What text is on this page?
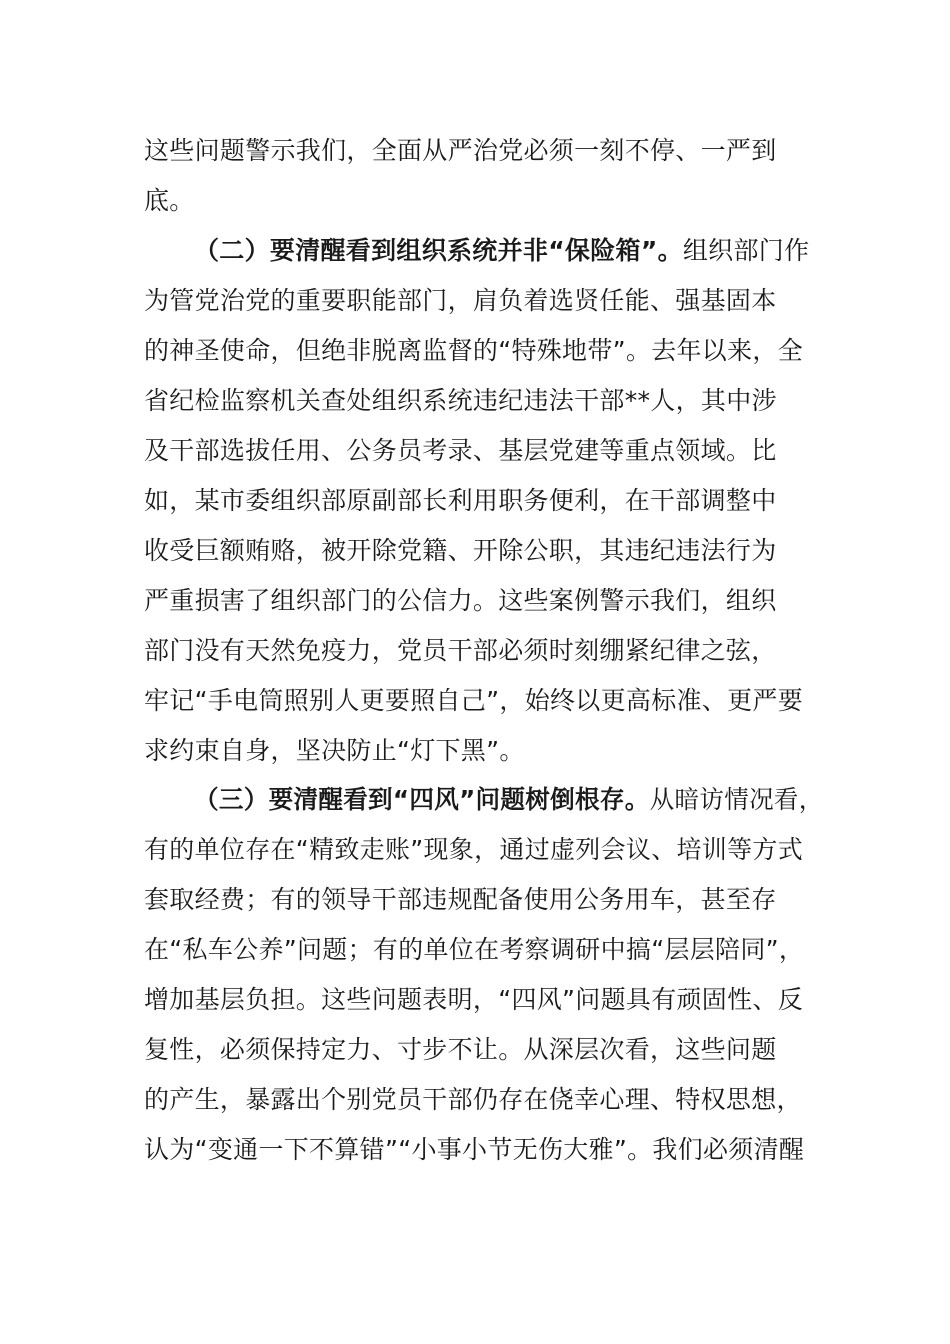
这些问题警示我们，全面从严治党必须一刻不停、一严到
底。
（二）要清醒看到组织系统并非“保险箱”。组织部门作
为管党治党的重要职能部门，肩负着选贤任能、强基固本
的神圣使命，但绝非脱离监督的“特殊地带”。去年以来，全
省纪检监察机关查处组织系统违纪违法干部**人，其中涉
及干部选拔任用、公务员考录、基层党建等重点领域。比
如，某市委组织部原副部长利用职务便利，在干部调整中
收受巨额贿赂，被开除党籍、开除公职，其违纪违法行为
严重损害了组织部门的公信力。这些案例警示我们，组织
部门没有天然免疫力，党员干部必须时刻绷紧纪律之弦，
牢记“手电筒照别人更要照自己”，始终以更高标准、更严要
求约束自身，坚决防止“灯下黑”。
（三）要清醒看到“四风”问题树倒根存。从暗访情况看，
有的单位存在“精致走账”现象，通过虚列会议、培训等方式
套取经费；有的领导干部违规配备使用公务用车，甚至存
在“私车公养”问题；有的单位在考察调研中搞“层层陪同”，
增加基层负担。这些问题表明，“四风”问题具有顽固性、反
复性，必须保持定力、寸步不让。从深层次看，这些问题
的产生，暴露出个别党员干部仍存在侥幸心理、特权思想，
认为“变通一下不算错”“小事小节无伤大雅”。我们必须清醒
